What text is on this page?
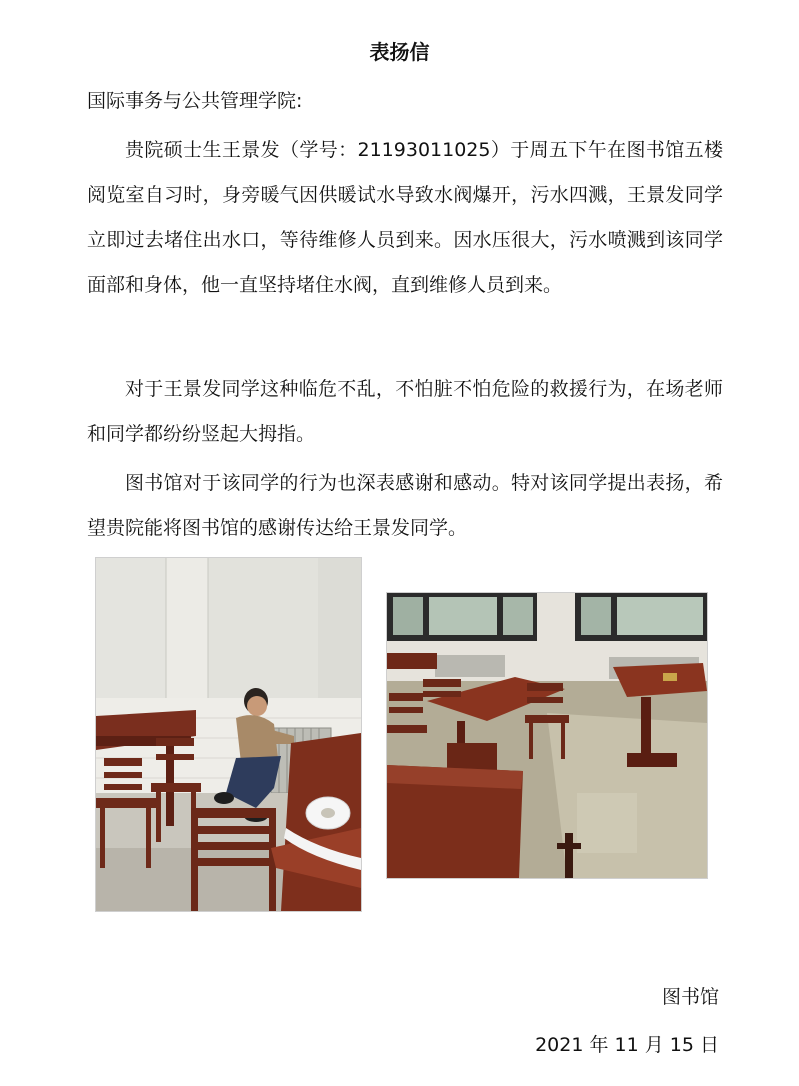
表扬信
国际事务与公共管理学院:
贵院硕士生王景发（学号：21193011025）于周五下午在图书馆五楼阅览室自习时，身旁暖气因供暖试水导致水阀爆开，污水四溅，王景发同学立即过去堵住出水口，等待维修人员到来。因水压很大，污水喷溅到该同学面部和身体，他一直坚持堵住水阀，直到维修人员到来。
对于王景发同学这种临危不乱，不怕脏不怕危险的救援行为，在场老师和同学都纷纷竖起大拇指。
图书馆对于该同学的行为也深表感谢和感动。特对该同学提出表扬，希望贵院能将图书馆的感谢传达给王景发同学。
图书馆
2021 年 11 月 15 日
